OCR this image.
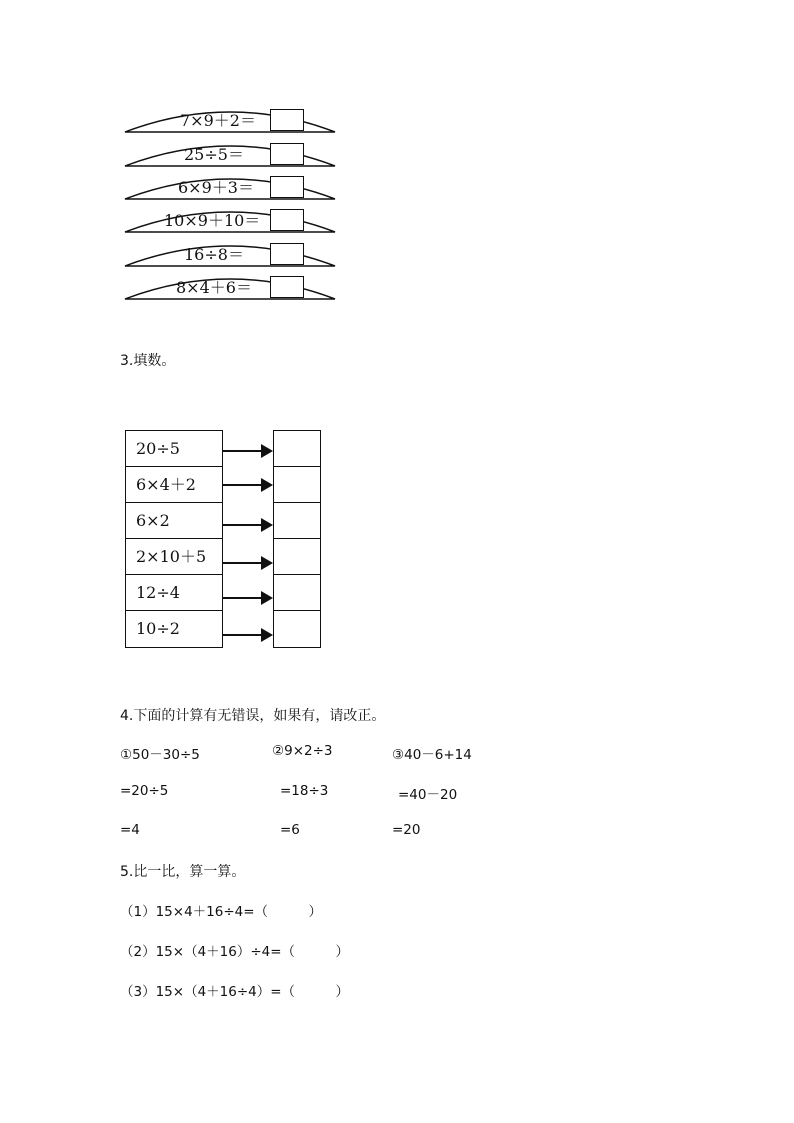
7×9＋2＝
25÷5＝
6×9＋3＝
10×9＋10＝
16÷8＝
8×4＋6＝
3.填数。
20÷5
6×4＋2
6×2
2×10＋5
12÷4
10÷2
4.下面的计算有无错误，如果有，请改正。
①50－30÷5
=20÷5
=4
②9×2÷3
=18÷3
=6
③40－6+14
=40－20
=20
5.比一比，算一算。
（1）15×4＋16÷4=（　　　）
（2）15×（4＋16）÷4=（　　　）
（3）15×（4＋16÷4）=（　　　）
